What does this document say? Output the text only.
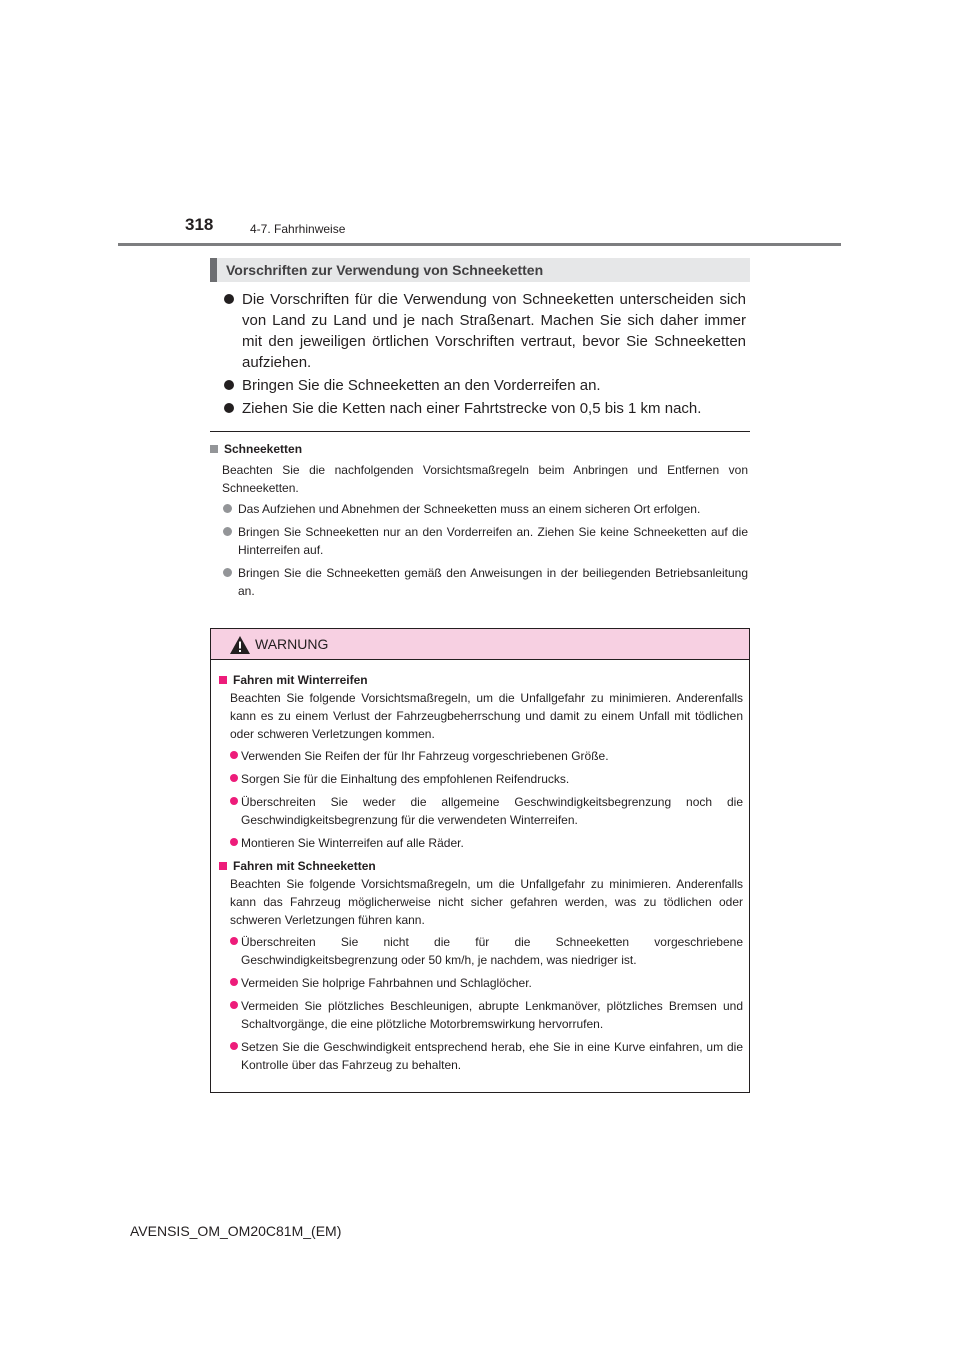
318	4-7. Fahrhinweise
Vorschriften zur Verwendung von Schneeketten
Die Vorschriften für die Verwendung von Schneeketten unterscheiden sich von Land zu Land und je nach Straßenart. Machen Sie sich daher immer mit den jeweiligen örtlichen Vorschriften vertraut, bevor Sie Schneeketten aufziehen.
Bringen Sie die Schneeketten an den Vorderreifen an.
Ziehen Sie die Ketten nach einer Fahrtstrecke von 0,5 bis 1 km nach.
Schneeketten
Beachten Sie die nachfolgenden Vorsichtsmaßregeln beim Anbringen und Entfernen von Schneeketten.
Das Aufziehen und Abnehmen der Schneeketten muss an einem sicheren Ort erfolgen.
Bringen Sie Schneeketten nur an den Vorderreifen an. Ziehen Sie keine Schneeketten auf die Hinterreifen auf.
Bringen Sie die Schneeketten gemäß den Anweisungen in der beiliegenden Betriebsanleitung an.
WARNUNG
Fahren mit Winterreifen
Beachten Sie folgende Vorsichtsmaßregeln, um die Unfallgefahr zu minimieren. Anderenfalls kann es zu einem Verlust der Fahrzeugbeherrschung und damit zu einem Unfall mit tödlichen oder schweren Verletzungen kommen.
Verwenden Sie Reifen der für Ihr Fahrzeug vorgeschriebenen Größe.
Sorgen Sie für die Einhaltung des empfohlenen Reifendrucks.
Überschreiten Sie weder die allgemeine Geschwindigkeitsbegrenzung noch die Geschwindigkeitsbegrenzung für die verwendeten Winterreifen.
Montieren Sie Winterreifen auf alle Räder.
Fahren mit Schneeketten
Beachten Sie folgende Vorsichtsmaßregeln, um die Unfallgefahr zu minimieren. Anderenfalls kann das Fahrzeug möglicherweise nicht sicher gefahren werden, was zu tödlichen oder schweren Verletzungen führen kann.
Überschreiten Sie nicht die für die Schneeketten vorgeschriebene Geschwindigkeitsbegrenzung oder 50 km/h, je nachdem, was niedriger ist.
Vermeiden Sie holprige Fahrbahnen und Schlaglöcher.
Vermeiden Sie plötzliches Beschleunigen, abrupte Lenkmanöver, plötzliches Bremsen und Schaltvorgänge, die eine plötzliche Motorbremswirkung hervorrufen.
Setzen Sie die Geschwindigkeit entsprechend herab, ehe Sie in eine Kurve einfahren, um die Kontrolle über das Fahrzeug zu behalten.
AVENSIS_OM_OM20C81M_(EM)
